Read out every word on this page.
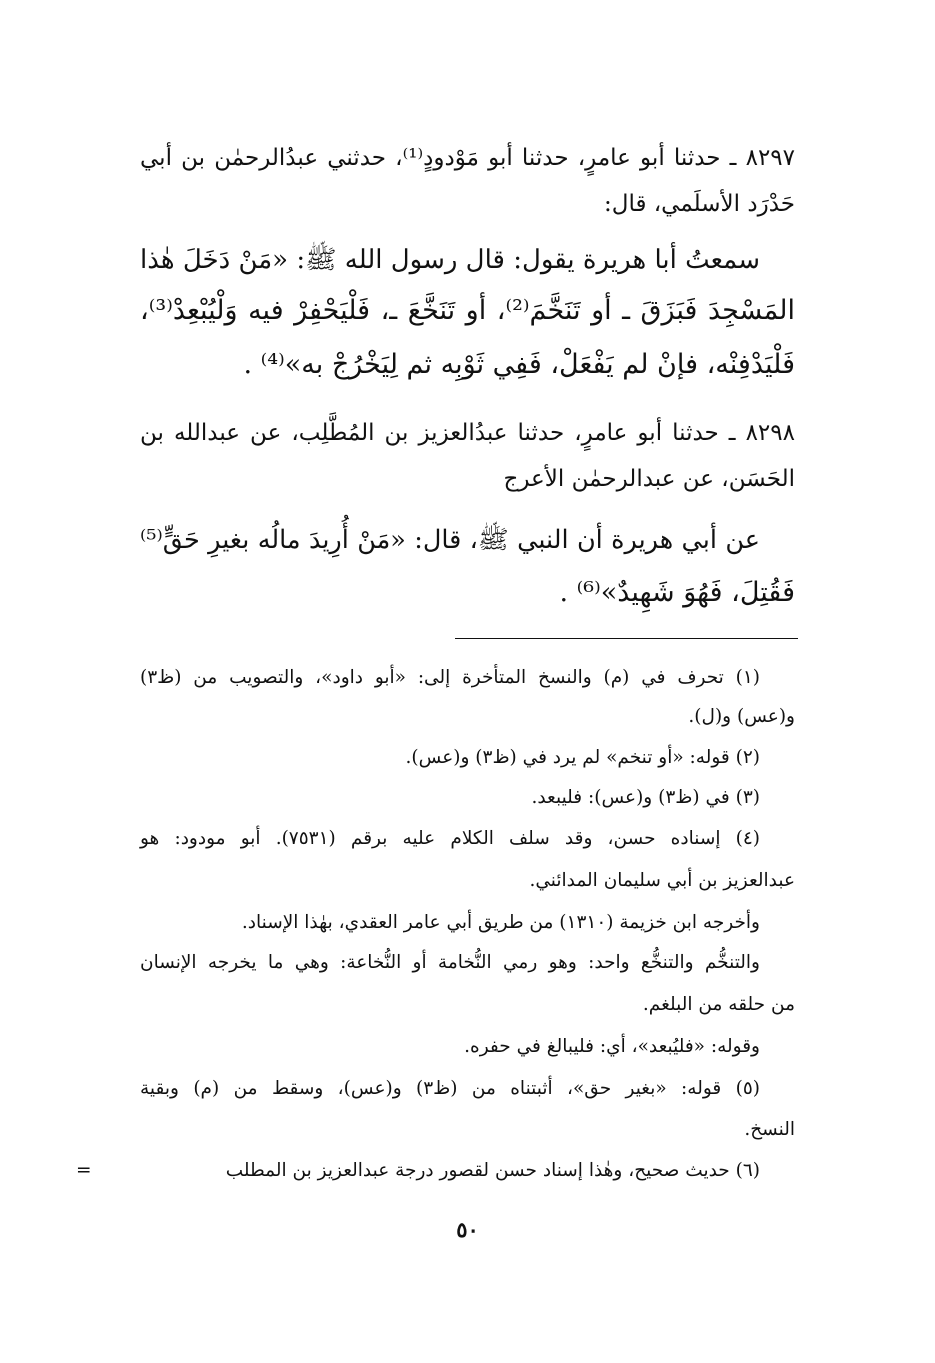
٨٢٩٧ ـ حدثنا أبو عامرٍ، حدثنا أبو مَوْدودٍ⁽¹⁾، حدثني عبدُالرحمٰن بن أبي
حَدْرَد الأسلَمي، قال:
سمعتُ أبا هريرة يقول: قال رسول الله ﷺ: «مَنْ دَخَلَ هٰذا
المَسْجِدَ فَبَزَقَ ـ أو تَنَخَّمَ⁽²⁾، أو تَنَخَّعَ ـ، فَلْيَحْفِرْ فيه وَلْيُبْعِدْ⁽³⁾،
فَلْيَدْفِنْه، فإنْ لم يَفْعَلْ، فَفِي ثَوْبِه ثم لِيَخْرُجْ به»⁽⁴⁾ .
٨٢٩٨ ـ حدثنا أبو عامرٍ، حدثنا عبدُالعزيز بن المُطَّلِب، عن عبدالله بن
الحَسَن، عن عبدالرحمٰن الأعرج
عن أبي هريرة أن النبي ﷺ، قال: «مَنْ أُرِيدَ مالُه بغيرِ حَقٍّ⁽⁵⁾
فَقُتِلَ، فَهُوَ شَهِيدٌ»⁽⁶⁾ .
(١) تحرف في (م) والنسخ المتأخرة إلى: «أبو داود»، والتصويب من (ظ٣)
و(عس) و(ل).
(٢) قوله: «أو تنخم» لم يرد في (ظ٣) و(عس).
(٣) في (ظ٣) و(عس): فليبعد.
(٤) إسناده حسن، وقد سلف الكلام عليه برقم (٧٥٣١). أبو مودود: هو
عبدالعزيز بن أبي سليمان المدائني.
وأخرجه ابن خزيمة (١٣١٠) من طريق أبي عامر العقدي، بهٰذا الإسناد.
والتنخُّم والتنخُّع واحد: وهو رمي النُّخامة أو النُّخاعة: وهي ما يخرجه الإنسان
من حلقه من البلغم.
وقوله: «فليُبعد»، أي: فليبالغ في حفره.
(٥) قوله: «بغير حق»، أثبتناه من (ظ٣) و(عس)، وسقط من (م) وبقية
النسخ.
(٦) حديث صحيح، وهٰذا إسناد حسن لقصور درجة عبدالعزيز بن المطلب
=
٥٠
